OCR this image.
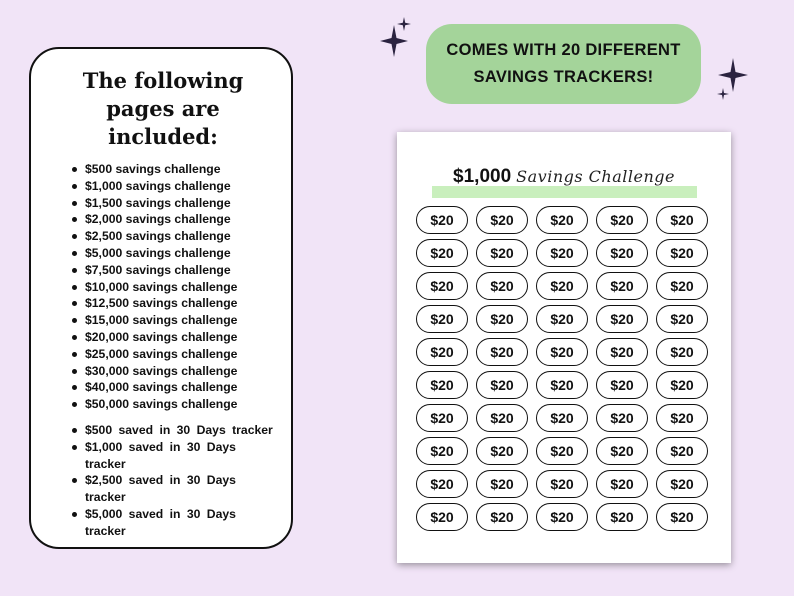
The following pages are included:
$500 savings challenge
$1,000 savings challenge
$1,500 savings challenge
$2,000 savings challenge
$2,500 savings challenge
$5,000 savings challenge
$7,500 savings challenge
$10,000 savings challenge
$12,500 savings challenge
$15,000 savings challenge
$20,000 savings challenge
$25,000 savings challenge
$30,000 savings challenge
$40,000 savings challenge
$50,000 savings challenge
$500 saved in 30 Days tracker
$1,000 saved in 30 Days tracker
$2,500 saved in 30 Days tracker
$5,000 saved in 30 Days tracker
COMES WITH 20 DIFFERENT SAVINGS TRACKERS!
$1,000 Savings Challenge
$20	$20	$20	$20	$20
$20	$20	$20	$20	$20
$20	$20	$20	$20	$20
$20	$20	$20	$20	$20
$20	$20	$20	$20	$20
$20	$20	$20	$20	$20
$20	$20	$20	$20	$20
$20	$20	$20	$20	$20
$20	$20	$20	$20	$20
$20	$20	$20	$20	$20
